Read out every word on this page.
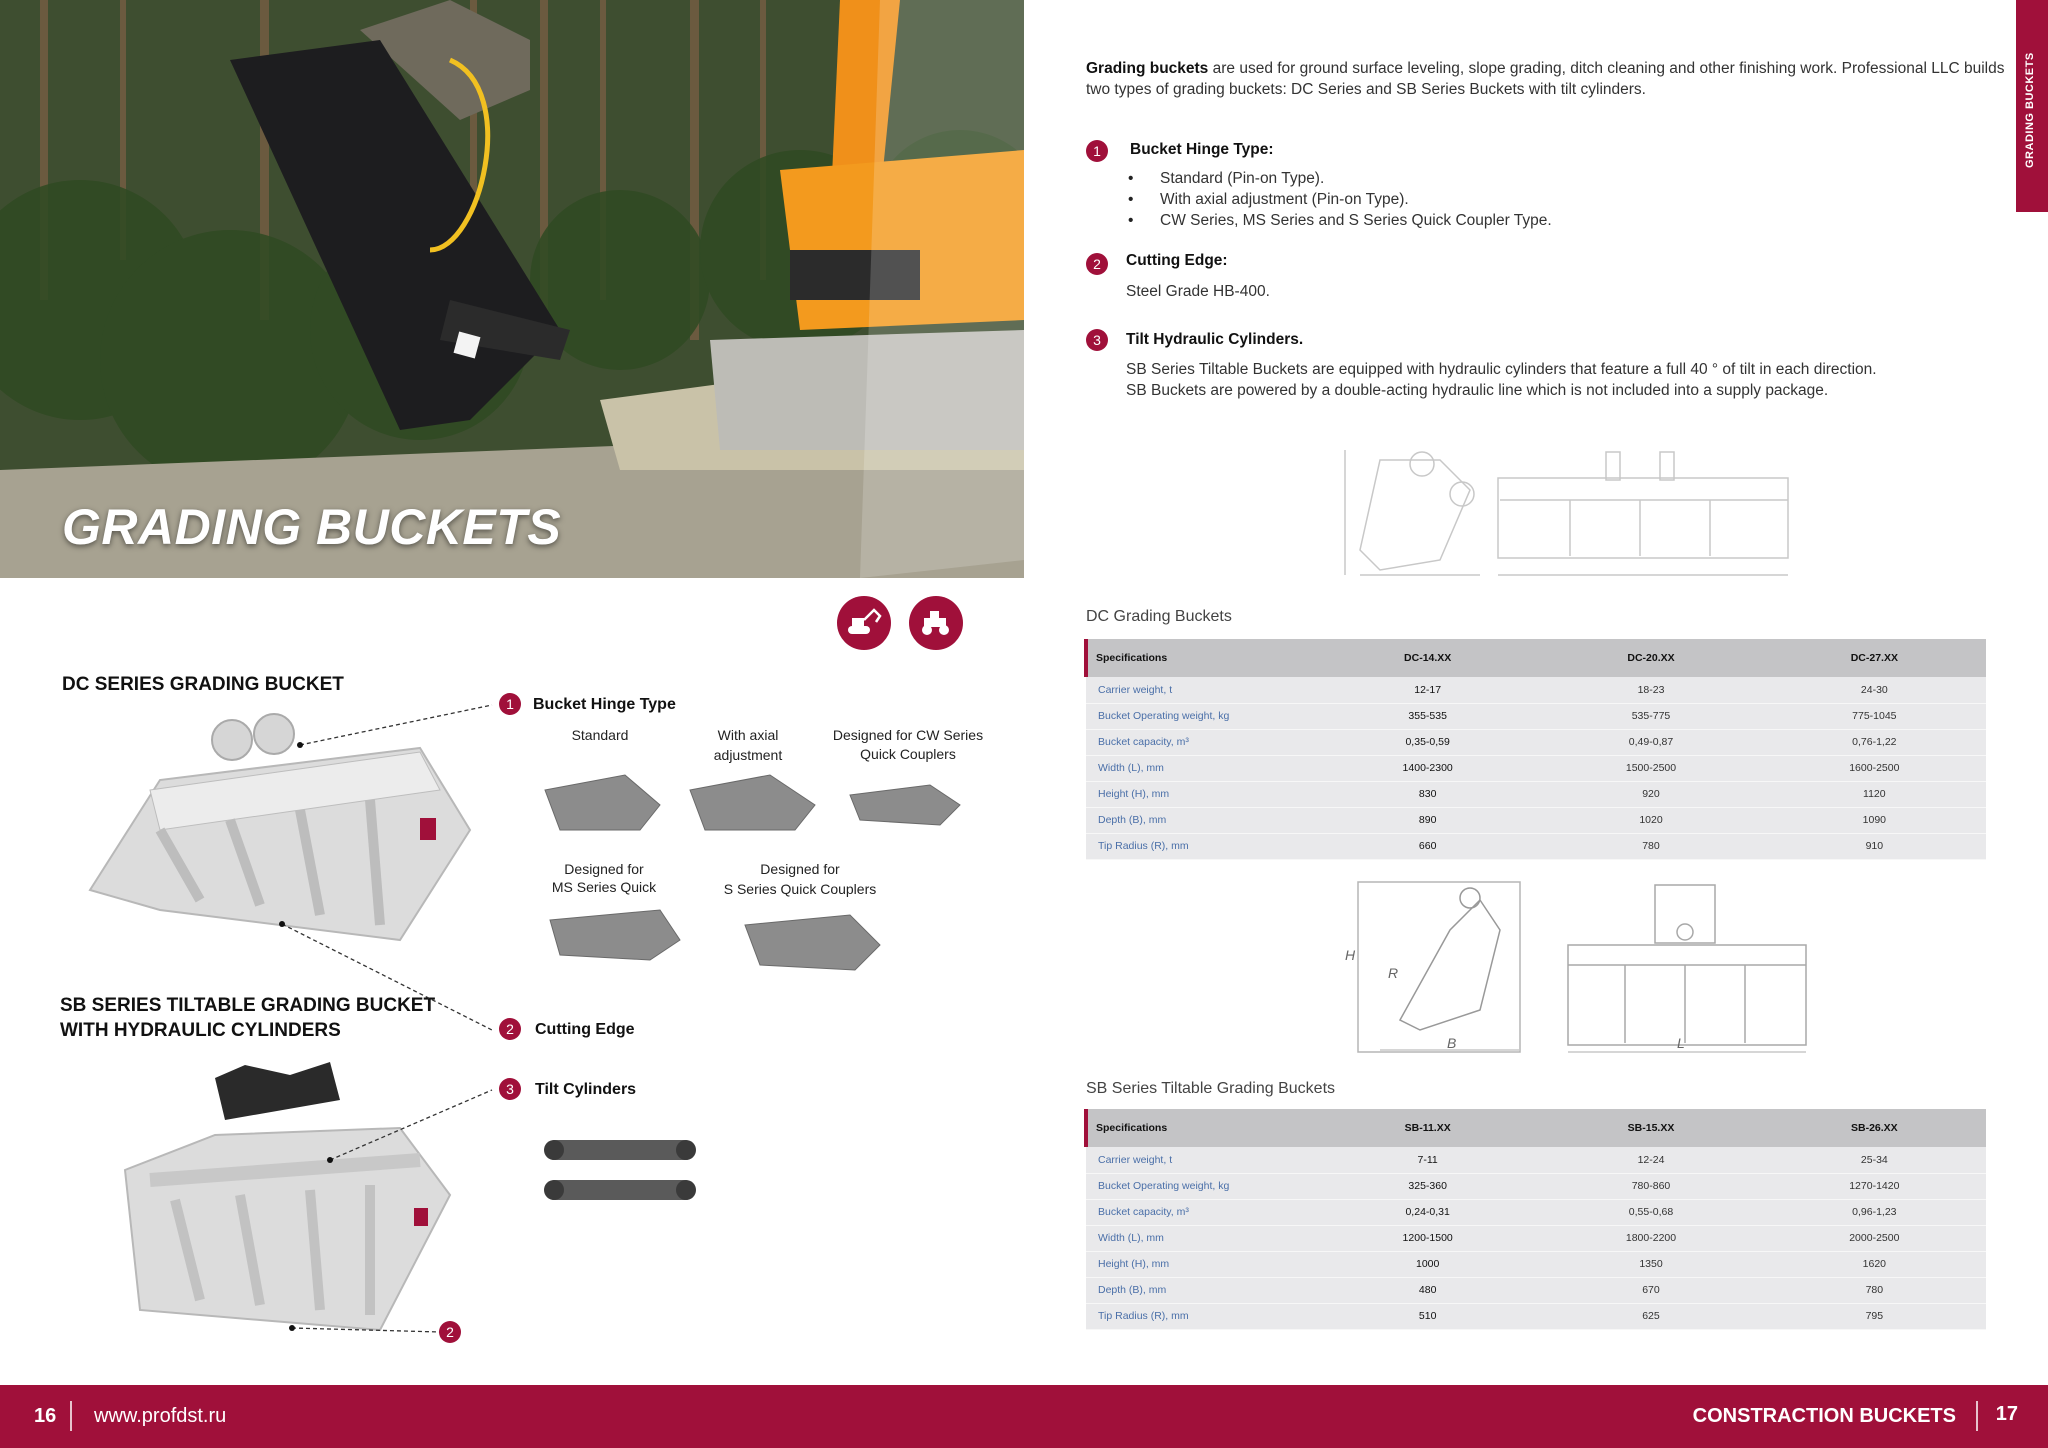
GRADING BUCKETS
DC SERIES GRADING BUCKET
SB SERIES TILTABLE GRADING BUCKET
WITH HYDRAULIC CYLINDERS
1	Bucket Hinge Type
2	Cutting Edge
3	Tilt Cylinders
2
Standard	With axial
adjustment
Designed for CW Series
Quick Couplers
Designed for
MS Series Quick
Designed for
S Series Quick Couplers
Grading buckets are used for ground surface leveling, slope grading, ditch cleaning and other finishing work. Professional LLC builds two types of grading buckets: DC Series and SB Series Buckets with tilt cylinders.
1	Bucket Hinge Type:
• Standard (Pin-on Type).
• With axial adjustment (Pin-on Type).
• CW Series, MS Series and S Series Quick Coupler Type.
2	Cutting Edge:
Steel Grade HB-400.
3	Tilt Hydraulic Cylinders.
SB Series Tiltable Buckets are equipped with hydraulic cylinders that feature a full 40 ° of tilt in each direction.
SB Buckets are powered by a double-acting hydraulic line which is not included into a supply package.
H
R
B	L
DC Grading Buckets
Specifications	DC-14.XX	DC-20.XX	DC-27.XX
Carrier weight, t	12-17	18-23	24-30
Bucket Operating weight, kg	355-535	535-775	775-1045
Bucket capacity, m³	0,35-0,59	0,49-0,87	0,76-1,22
Width (L), mm	1400-2300	1500-2500	1600-2500
Height (H), mm	830	920	1120
Depth (B), mm	890	1020	1090
Tip Radius (R), mm	660	780	910
SB Series Tiltable Grading Buckets
Specifications	SB-11.XX	SB-15.XX	SB-26.XX
Carrier weight, t	7-11	12-24	25-34
Bucket Operating weight, kg	325-360	780-860	1270-1420
Bucket capacity, m³	0,24-0,31	0,55-0,68	0,96-1,23
Width (L), mm	1200-1500	1800-2200	2000-2500
Height (H), mm	1000	1350	1620
Depth (B), mm	480	670	780
Tip Radius (R), mm	510	625	795
GRADING BUCKETS
16 www.profdst.ru	CONSTRACTION BUCKETS 17
